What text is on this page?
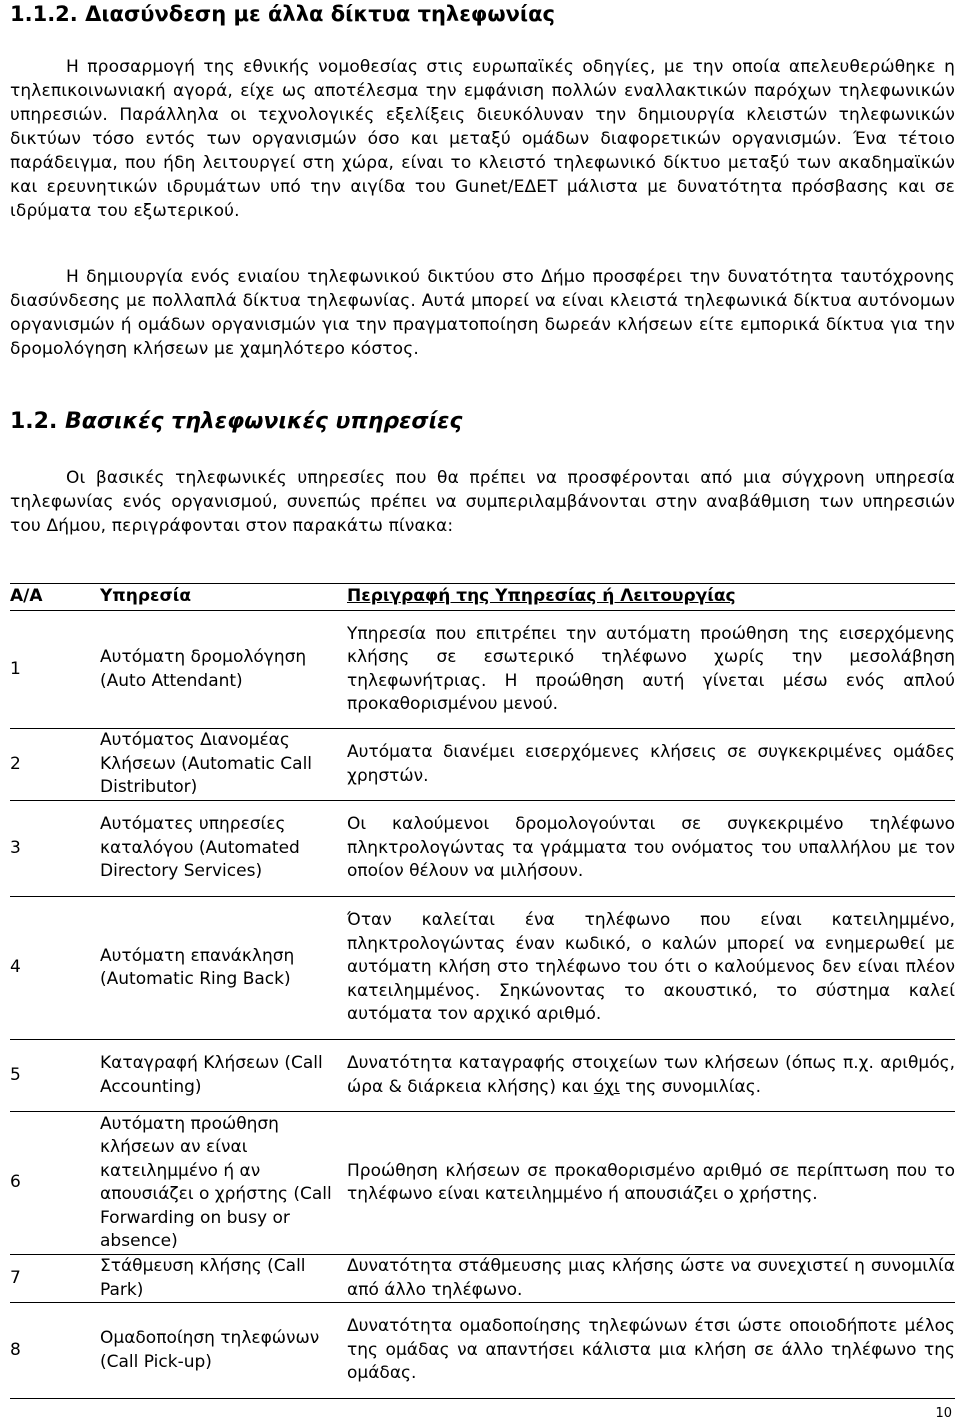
1.1.2. Διασύνδεση με άλλα δίκτυα τηλεφωνίας

Η προσαρμογή της εθνικής νομοθεσίας στις ευρωπαϊκές οδηγίες, με την οποία απελευθερώθηκε η τηλεπικοινωνιακή αγορά, είχε ως αποτέλεσμα την εμφάνιση πολλών εναλλακτικών παρόχων τηλεφωνικών υπηρεσιών. Παράλληλα οι τεχνολογικές εξελίξεις διευκόλυναν την δημιουργία κλειστών τηλεφωνικών δικτύων τόσο εντός των οργανισμών όσο και μεταξύ ομάδων διαφορετικών οργανισμών. Ένα τέτοιο παράδειγμα, που ήδη λειτουργεί στη χώρα, είναι το κλειστό τηλεφωνικό δίκτυο μεταξύ των ακαδημαϊκών και ερευνητικών ιδρυμάτων υπό την αιγίδα του Gunet/ΕΔΕΤ μάλιστα με δυνατότητα πρόσβασης και σε ιδρύματα του εξωτερικού.

Η δημιουργία ενός ενιαίου τηλεφωνικού δικτύου στο Δήμο προσφέρει την δυνατότητα ταυτόχρονης διασύνδεσης με πολλαπλά δίκτυα τηλεφωνίας. Αυτά μπορεί να είναι κλειστά τηλεφωνικά δίκτυα αυτόνομων οργανισμών ή ομάδων οργανισμών για την πραγματοποίηση δωρεάν κλήσεων είτε εμπορικά δίκτυα για την δρομολόγηση κλήσεων με χαμηλότερο κόστος.

1.2. Βασικές τηλεφωνικές υπηρεσίες

Οι βασικές τηλεφωνικές υπηρεσίες που θα πρέπει να προσφέρονται από μια σύγχρονη υπηρεσία τηλεφωνίας ενός οργανισμού, συνεπώς πρέπει να συμπεριλαμβάνονται στην αναβάθμιση των υπηρεσιών του Δήμου, περιγράφονται στον παρακάτω πίνακα:

Α/Α	Υπηρεσία	Περιγραφή της Υπηρεσίας ή Λειτουργίας
1	Αυτόματη δρομολόγηση (Auto Attendant)	Υπηρεσία που επιτρέπει την αυτόματη προώθηση της εισερχόμενης κλήσης σε εσωτερικό τηλέφωνο χωρίς την μεσολάβηση τηλεφωνήτριας. Η προώθηση αυτή γίνεται μέσω ενός απλού προκαθορισμένου μενού.
2	Αυτόματος Διανομέας Κλήσεων (Automatic Call Distributor)	Αυτόματα διανέμει εισερχόμενες κλήσεις σε συγκεκριμένες ομάδες χρηστών.
3	Αυτόματες υπηρεσίες καταλόγου (Automated Directory Services)	Οι καλούμενοι δρομολογούνται σε συγκεκριμένο τηλέφωνο πληκτρολογώντας τα γράμματα του ονόματος του υπαλλήλου με τον οποίον θέλουν να μιλήσουν.
4	Αυτόματη επανάκληση (Automatic Ring Back)	Όταν καλείται ένα τηλέφωνο που είναι κατειλημμένο, πληκτρολογώντας έναν κωδικό, ο καλών μπορεί να ενημερωθεί με αυτόματη κλήση στο τηλέφωνο του ότι ο καλούμενος δεν είναι πλέον κατειλημμένος. Σηκώνοντας το ακουστικό, το σύστημα καλεί αυτόματα τον αρχικό αριθμό.
5	Καταγραφή Κλήσεων (Call Accounting)	Δυνατότητα καταγραφής στοιχείων των κλήσεων (όπως π.χ. αριθμός, ώρα & διάρκεια κλήσης) και όχι της συνομιλίας.
6	Αυτόματη προώθηση κλήσεων αν είναι κατειλημμένο ή αν απουσιάζει ο χρήστης (Call Forwarding on busy or absence)	Προώθηση κλήσεων σε προκαθορισμένο αριθμό σε περίπτωση που το τηλέφωνο είναι κατειλημμένο ή απουσιάζει ο χρήστης.
7	Στάθμευση κλήσης (Call Park)	Δυνατότητα στάθμευσης μιας κλήσης ώστε να συνεχιστεί η συνομιλία από άλλο τηλέφωνο.
8	Ομαδοποίηση τηλεφώνων (Call Pick-up)	Δυνατότητα ομαδοποίησης τηλεφώνων έτσι ώστε οποιοδήποτε μέλος της ομάδας να απαντήσει κάλιστα μια κλήση σε άλλο τηλέφωνο της ομάδας.
10
